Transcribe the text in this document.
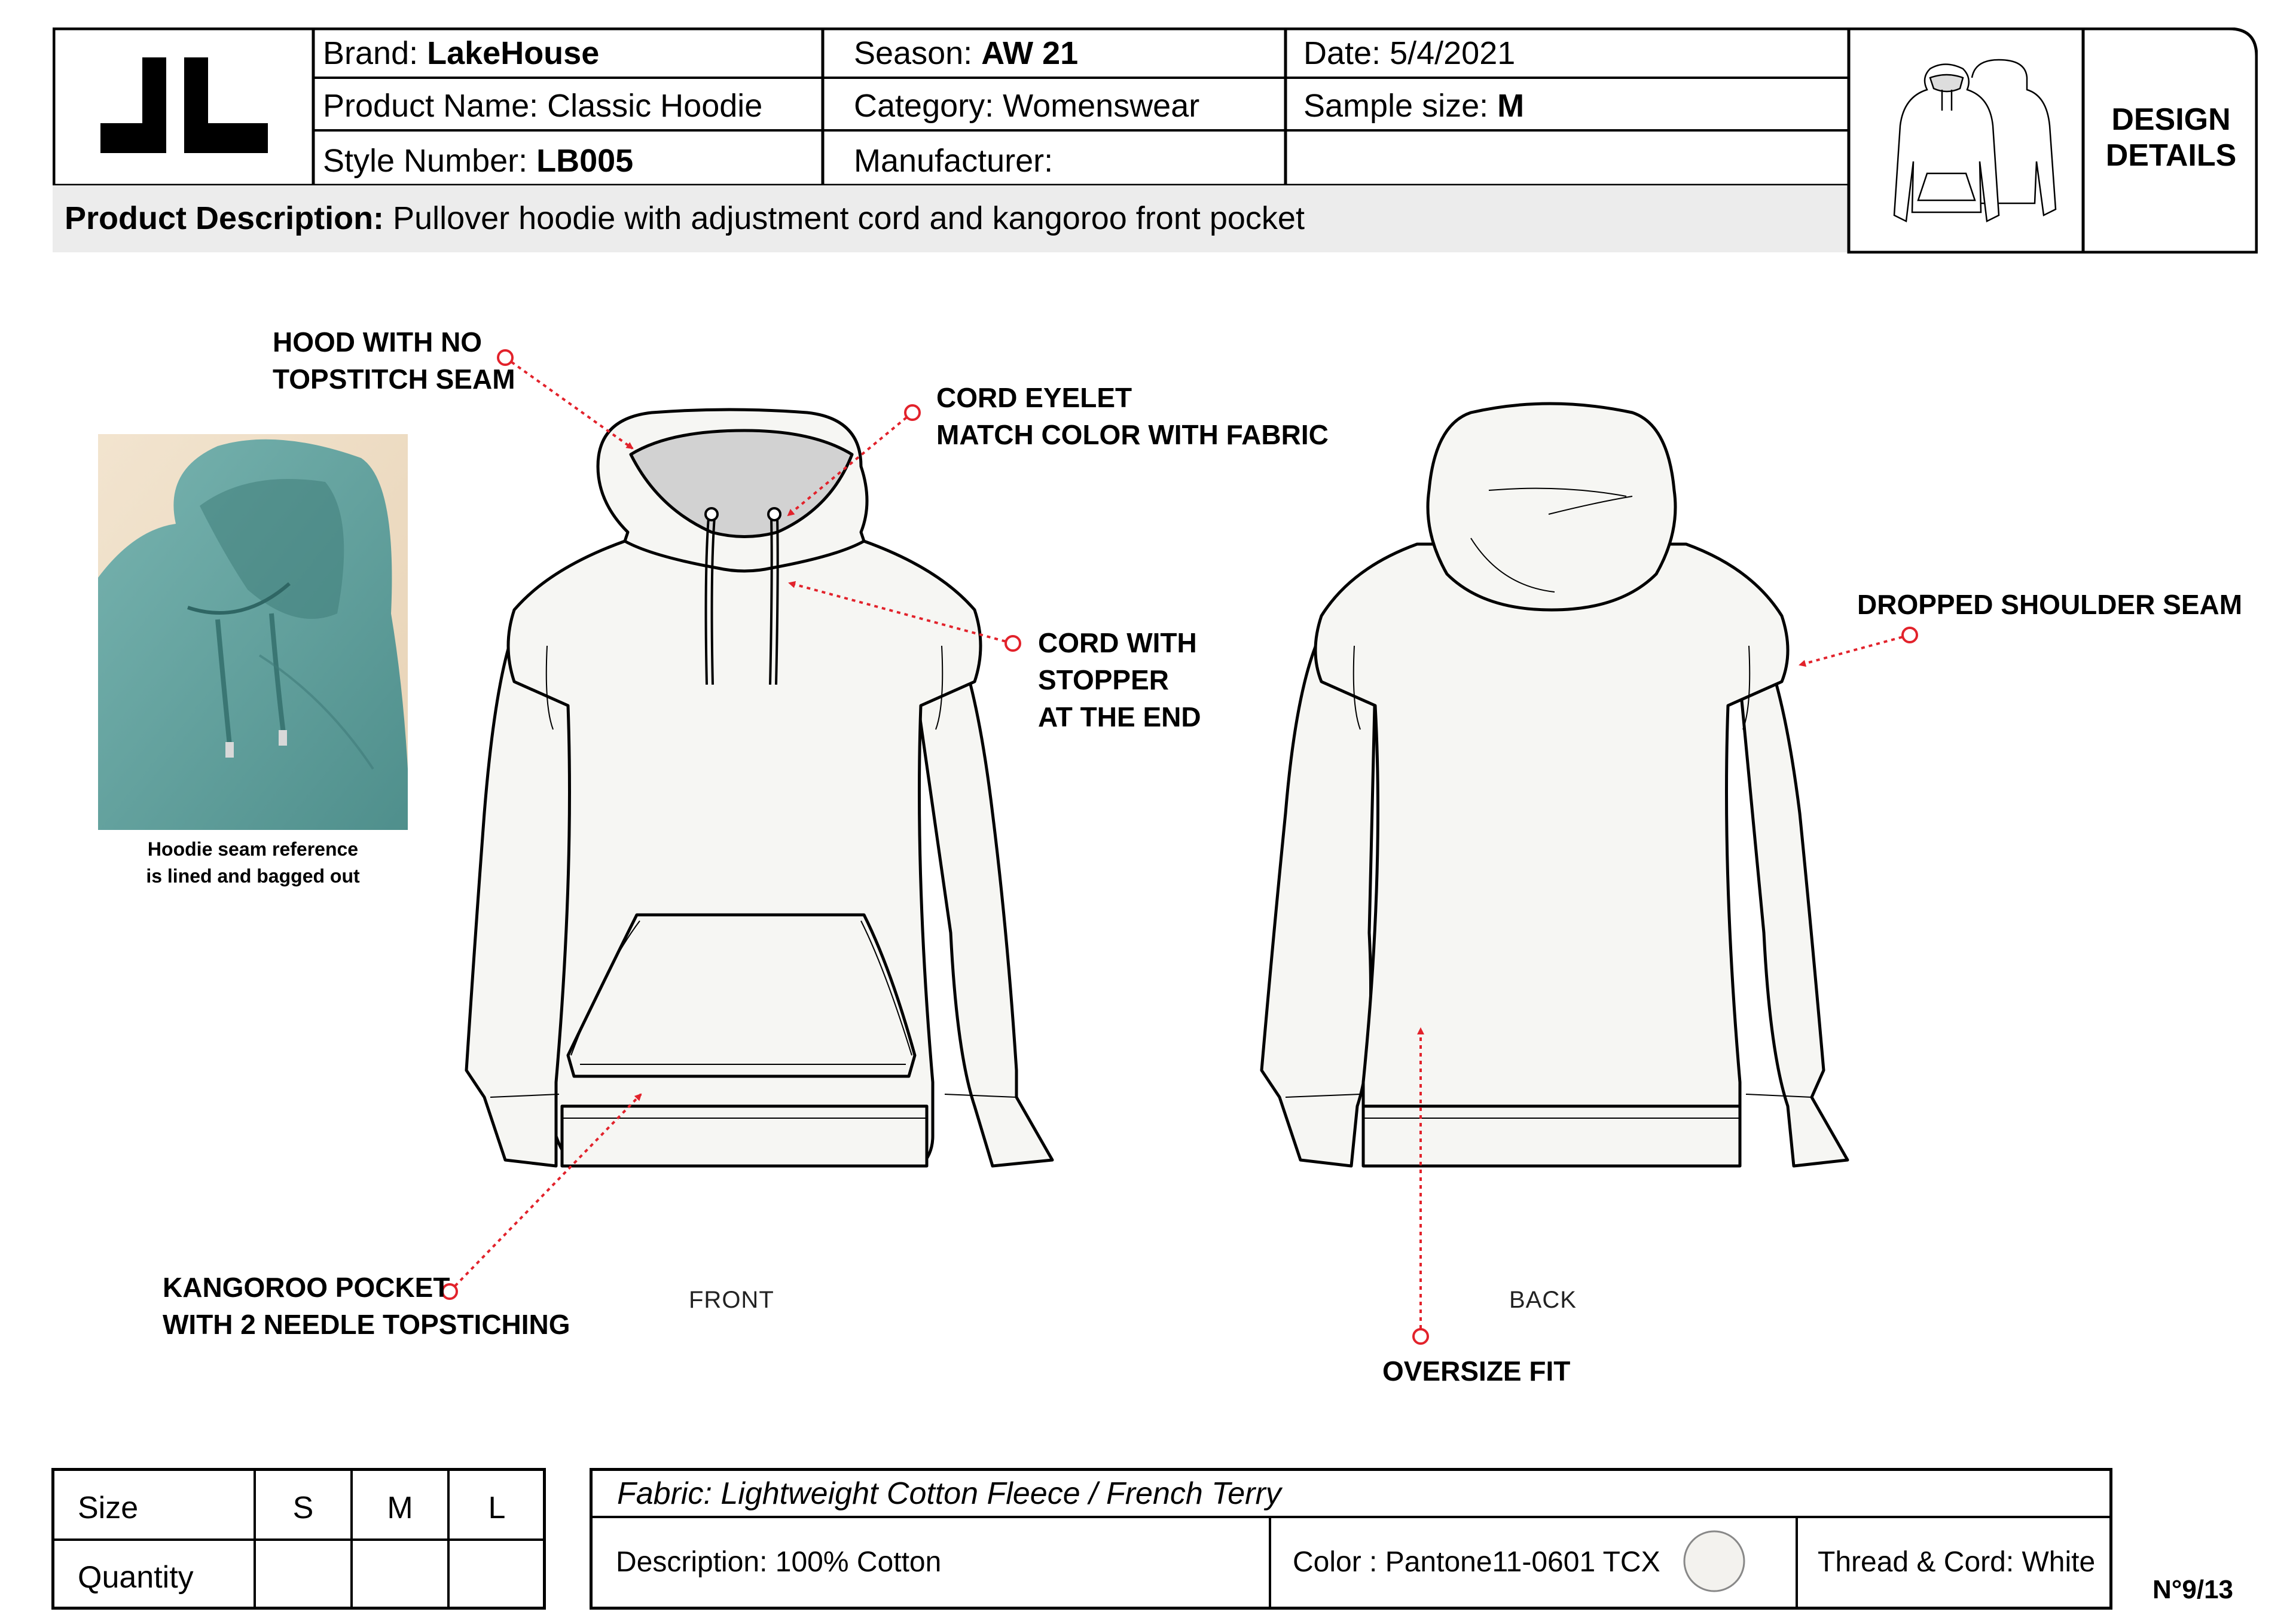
Brand: LakeHouse	Season: AW 21	Date: 5/4/2021
Product Name: Classic Hoodie	Category: Womenswear	Sample size: M
Style Number: LB005	Manufacturer:
Product Description: Pullover hoodie with adjustment cord and kangoroo front pocket
DESIGN
DETAILS
Hoodie seam reference
is lined and bagged out
HOOD WITH NO
TOPSTITCH SEAM
CORD EYELET
MATCH COLOR WITH FABRIC
CORD WITH
STOPPER
AT THE END
DROPPED SHOULDER SEAM
KANGOROO POCKET
WITH 2 NEEDLE TOPSTICHING
OVERSIZE FIT
FRONT	BACK
Size	S	M	L
Quantity
Fabric: Lightweight Cotton Fleece / French Terry
Description: 100% Cotton	Color : Pantone11-0601 TCX	Thread & Cord: White
N°9/13
